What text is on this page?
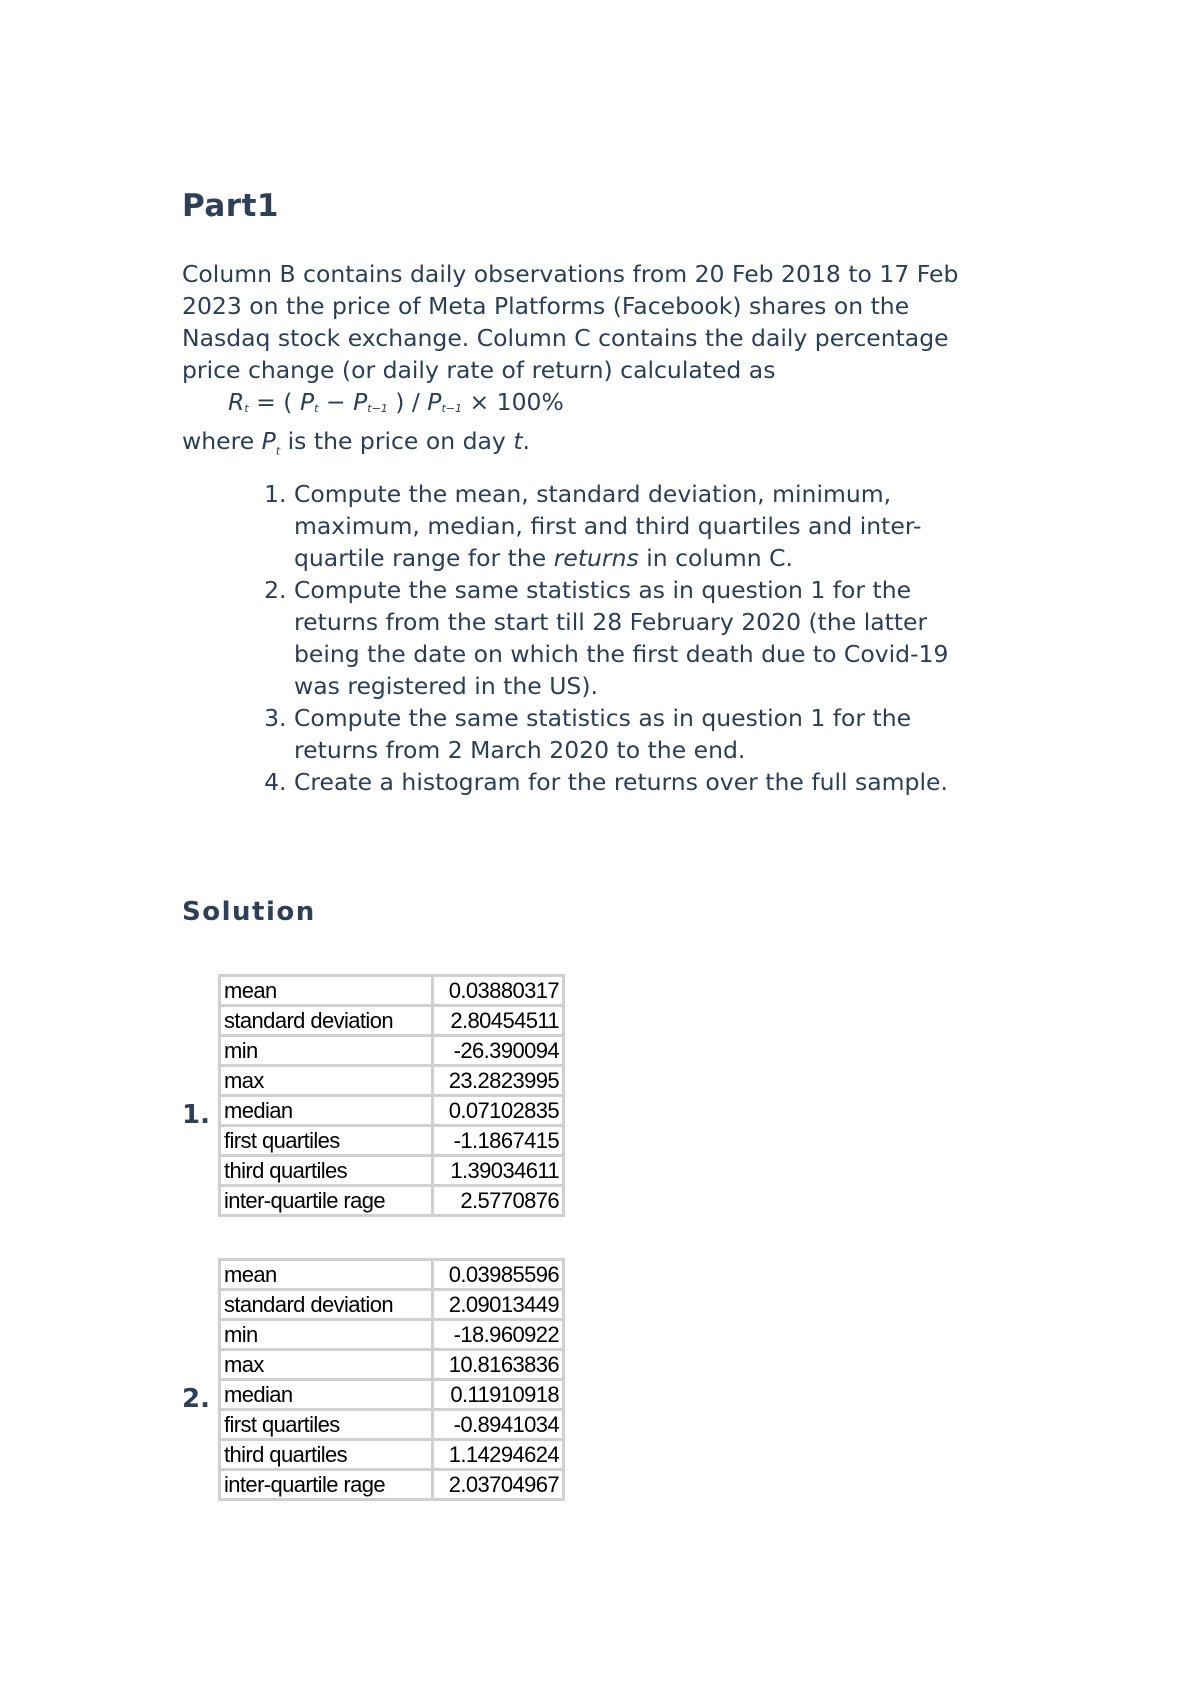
Part1
Column B contains daily observations from 20 Feb 2018 to 17 Feb
2023 on the price of Meta Platforms (Facebook) shares on the
Nasdaq stock exchange. Column C contains the daily percentage
price change (or daily rate of return) calculated as
$R_t$ = ( $P_t - P_{t-1}$ ) / $P_{t-1} \times 100\%$
where $P_t$ is the price on day t.
1. Compute the mean, standard deviation, minimum,
maximum, median, first and third quartiles and inter-
quartile range for the returns in column C.
2. Compute the same statistics as in question 1 for the
returns from the start till 28 February 2020 (the latter
being the date on which the first death due to Covid-19
was registered in the US).
3. Compute the same statistics as in question 1 for the
returns from 2 March 2020 to the end.
4. Create a histogram for the returns over the full sample.
Solution
1.
mean	0.03880317
standard deviation	2.80454511
min	-26.390094
max	23.2823995
median	0.07102835
first quartiles	-1.1867415
third quartiles	1.39034611
inter-quartile rage	2.5770876
2.
mean	0.03985596
standard deviation	2.09013449
min	-18.960922
max	10.8163836
median	0.11910918
first quartiles	-0.8941034
third quartiles	1.14294624
inter-quartile rage	2.03704967
